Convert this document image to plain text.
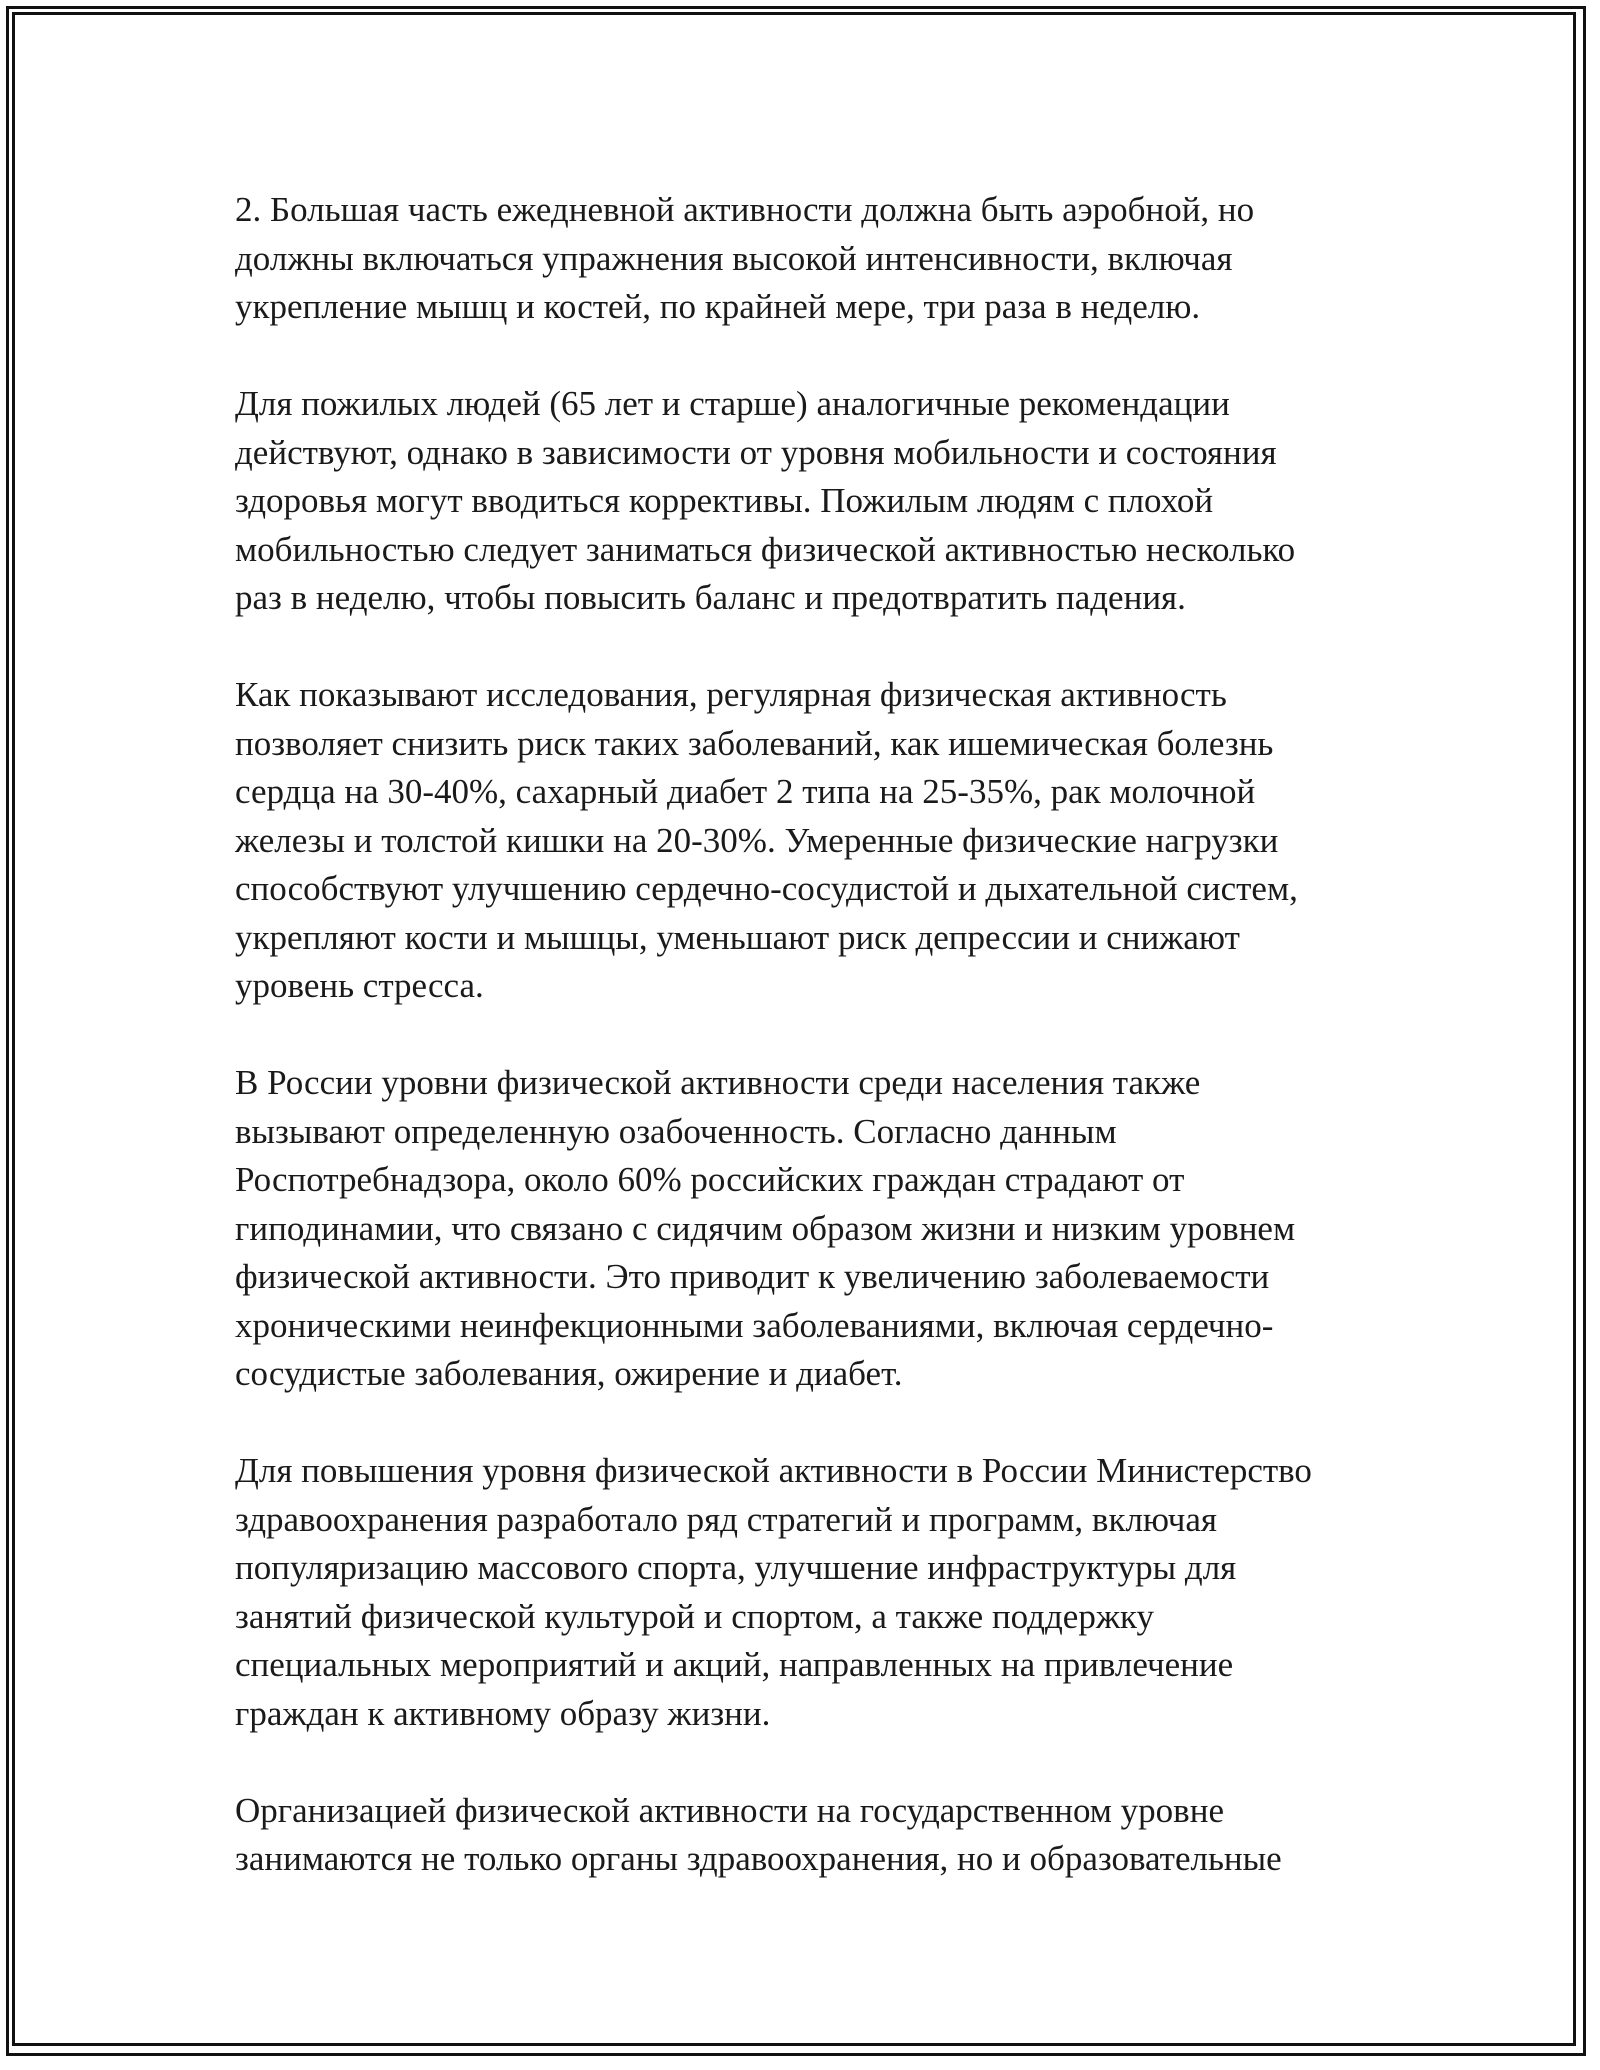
2. Большая часть ежедневной активности должна быть аэробной, но
должны включаться упражнения высокой интенсивности, включая
укрепление мышц и костей, по крайней мере, три раза в неделю.

Для пожилых людей (65 лет и старше) аналогичные рекомендации
действуют, однако в зависимости от уровня мобильности и состояния
здоровья могут вводиться коррективы. Пожилым людям с плохой
мобильностью следует заниматься физической активностью несколько
раз в неделю, чтобы повысить баланс и предотвратить падения.

Как показывают исследования, регулярная физическая активность
позволяет снизить риск таких заболеваний, как ишемическая болезнь
сердца на 30-40%, сахарный диабет 2 типа на 25-35%, рак молочной
железы и толстой кишки на 20-30%. Умеренные физические нагрузки
способствуют улучшению сердечно-сосудистой и дыхательной систем,
укрепляют кости и мышцы, уменьшают риск депрессии и снижают
уровень стресса.

В России уровни физической активности среди населения также
вызывают определенную озабоченность. Согласно данным
Роспотребнадзора, около 60% российских граждан страдают от
гиподинамии, что связано с сидячим образом жизни и низким уровнем
физической активности. Это приводит к увеличению заболеваемости
хроническими неинфекционными заболеваниями, включая сердечно-
сосудистые заболевания, ожирение и диабет.

Для повышения уровня физической активности в России Министерство
здравоохранения разработало ряд стратегий и программ, включая
популяризацию массового спорта, улучшение инфраструктуры для
занятий физической культурой и спортом, а также поддержку
специальных мероприятий и акций, направленных на привлечение
граждан к активному образу жизни.

Организацией физической активности на государственном уровне
занимаются не только органы здравоохранения, но и образовательные
